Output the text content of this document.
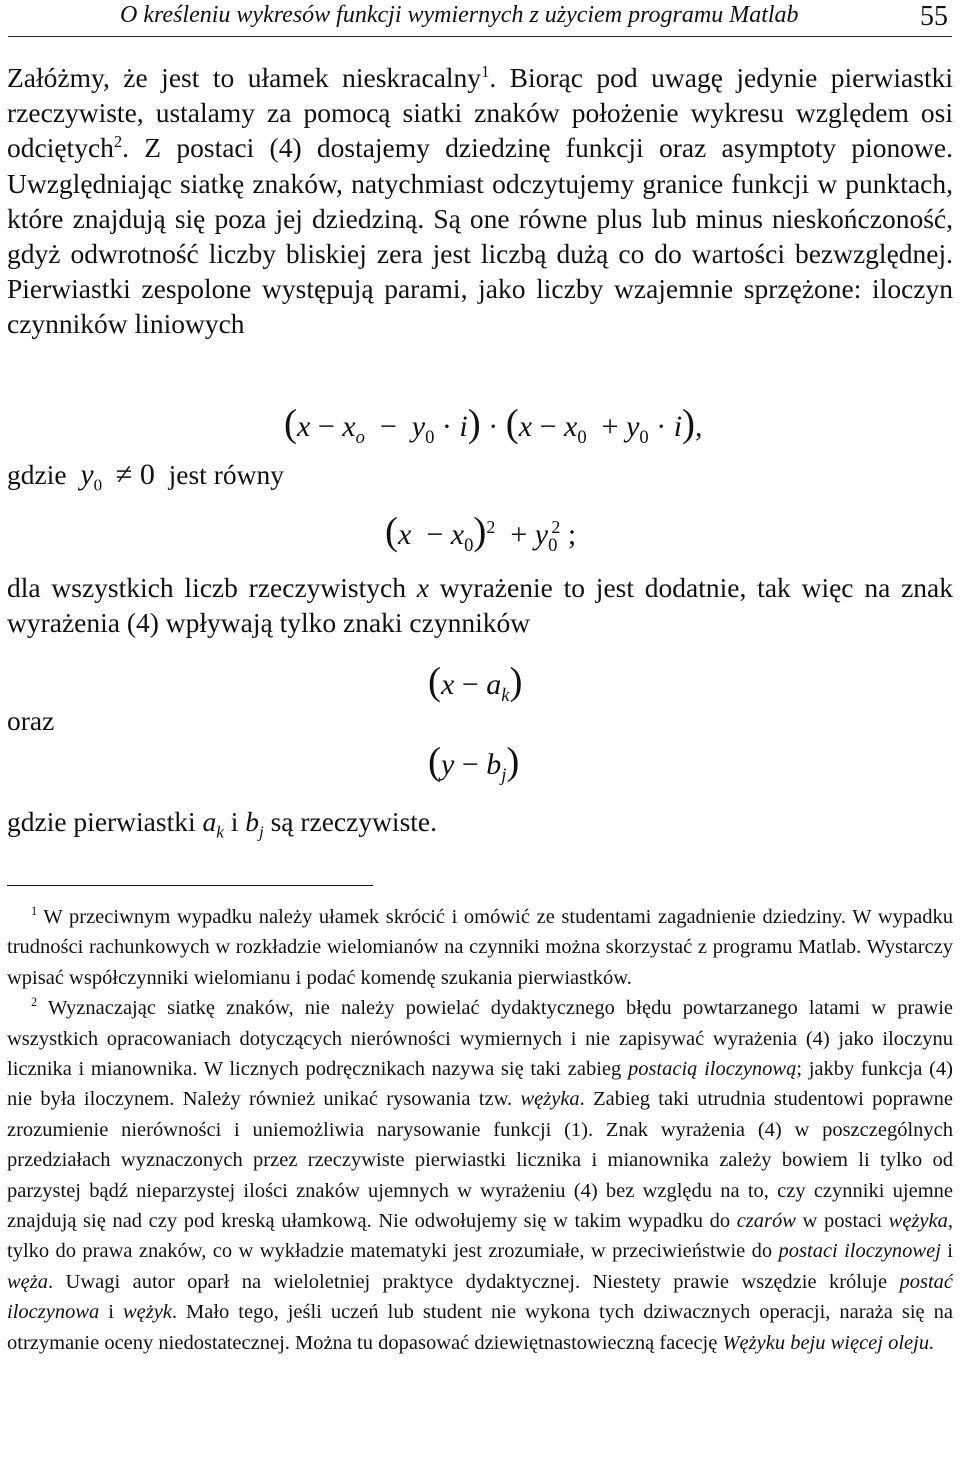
O kreśleniu wykresów funkcji wymiernych z użyciem programu Matlab	55

Załóżmy, że jest to ułamek nieskracalny$^1$. Biorąc pod uwagę jedynie pierwiastki rzeczywiste, ustalamy za pomocą siatki znaków położenie wykresu względem osi odciętych$^2$. Z postaci (4) dostajemy dziedzinę funkcji oraz asymptoty pionowe. Uwzględniając siatkę znaków, natychmiast odczytujemy granice funkcji w punktach, które znajdują się poza jej dziedziną. Są one równe plus lub minus nieskończoność, gdyż odwrotność liczby bliskiej zera jest liczbą dużą co do wartości bezwzględnej. Pierwiastki zespolone występują parami, jako liczby wzajemnie sprzężone: iloczyn czynników liniowych

$(x - x_o - y_0 \cdot i) \cdot (x - x_0 + y_0 \cdot i)$,
gdzie $y_0 \ne 0$ jest równy
$(x - x_0)^2 + y_0^2$ ;

dla wszystkich liczb rzeczywistych x wyrażenie to jest dodatnie, tak więc na znak wyrażenia (4) wpływają tylko znaki czynników

$(x - a_k)$
oraz
$(y - b_j)$
gdzie pierwiastki $a_k$ i $b_j$ są rzeczywiste.

$^1$ W przeciwnym wypadku należy ułamek skrócić i omówić ze studentami zagadnienie dziedziny. W wypadku trudności rachunkowych w rozkładzie wielomianów na czynniki można skorzystać z programu Matlab. Wystarczy wpisać współczynniki wielomianu i podać komendę szukania pierwiastków.

$^2$ Wyznaczając siatkę znaków, nie należy powielać dydaktycznego błędu powtarzanego latami w prawie wszystkich opracowaniach dotyczących nierówności wymiernych i nie zapisywać wyrażenia (4) jako iloczynu licznika i mianownika. W licznych podręcznikach nazywa się taki zabieg postacią iloczynową; jakby funkcja (4) nie była iloczynem. Należy również unikać rysowania tzw. wężyka. Zabieg taki utrudnia studentowi poprawne zrozumienie nierówności i uniemożliwia narysowanie funkcji (1). Znak wyrażenia (4) w poszczególnych przedziałach wyznaczonych przez rzeczywiste pierwiastki licznika i mianownika zależy bowiem li tylko od parzystej bądź nieparzystej ilości znaków ujemnych w wyrażeniu (4) bez względu na to, czy czynniki ujemne znajdują się nad czy pod kreską ułamkową. Nie odwołujemy się w takim wypadku do czarów w postaci wężyka, tylko do prawa znaków, co w wykładzie matematyki jest zrozumiałe, w przeciwieństwie do postaci iloczynowej i węża. Uwagi autor oparł na wieloletniej praktyce dydaktycznej. Niestety prawie wszędzie króluje postać iloczynowa i wężyk. Mało tego, jeśli uczeń lub student nie wykona tych dziwacznych operacji, naraża się na otrzymanie oceny niedostatecznej. Można tu dopasować dziewiętnastowieczną facecję Wężyku beju więcej oleju.
